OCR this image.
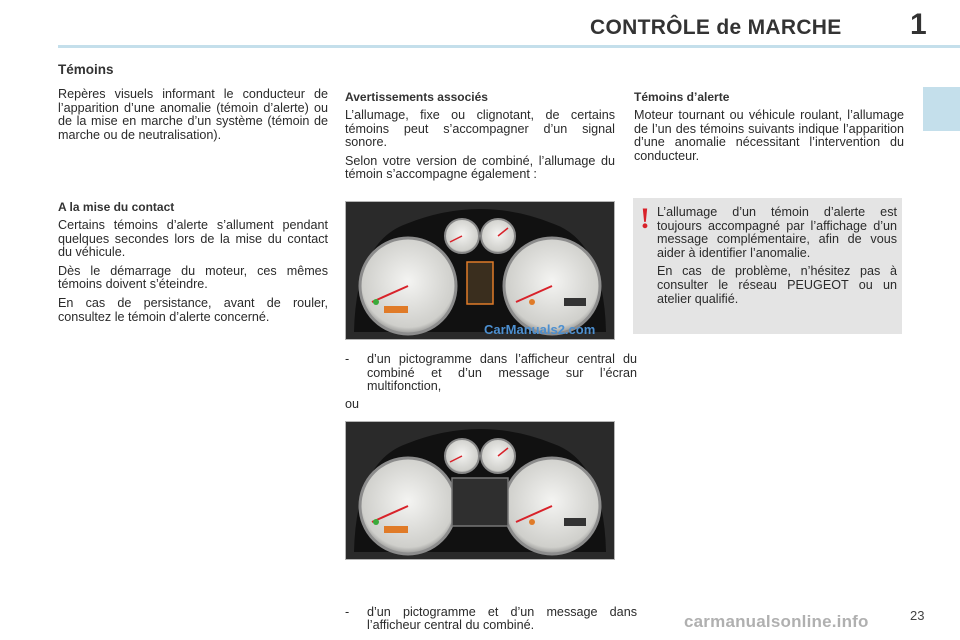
CONTRÔLE de MARCHE 1
Témoins

Repères visuels informant le conducteur de l’apparition d’une anomalie (témoin d’alerte) ou de la mise en marche d’un système (témoin de marche ou de neutralisation).

A la mise du contact

Certains témoins d’alerte s’allument pendant quelques secondes lors de la mise du contact du véhicule.

Dès le démarrage du moteur, ces mêmes témoins doivent s’éteindre.

En cas de persistance, avant de rouler, consultez le témoin d’alerte concerné.

Avertissements associés

L’allumage, fixe ou clignotant, de certains témoins peut s’accompagner d’un signal sonore.

Selon votre version de combiné, l’allumage du témoin s’accompagne également :

CarManuals2.com
- d’un pictogramme dans l’afficheur central du combiné et d’un message sur l’écran multifonction,
ou
- d’un pictogramme et d’un message dans l’afficheur central du combiné.

Témoins d’alerte

Moteur tournant ou véhicule roulant, l’allumage de l’un des témoins suivants indique l’apparition d’une anomalie nécessitant l’intervention du conducteur.

! L’allumage d’un témoin d’alerte est toujours accompagné par l’affichage d’un message complémentaire, afin de vous aider à identifier l’anomalie.

En cas de problème, n’hésitez pas à consulter le réseau PEUGEOT ou un atelier qualifié.

carmanualsonline.info	23
